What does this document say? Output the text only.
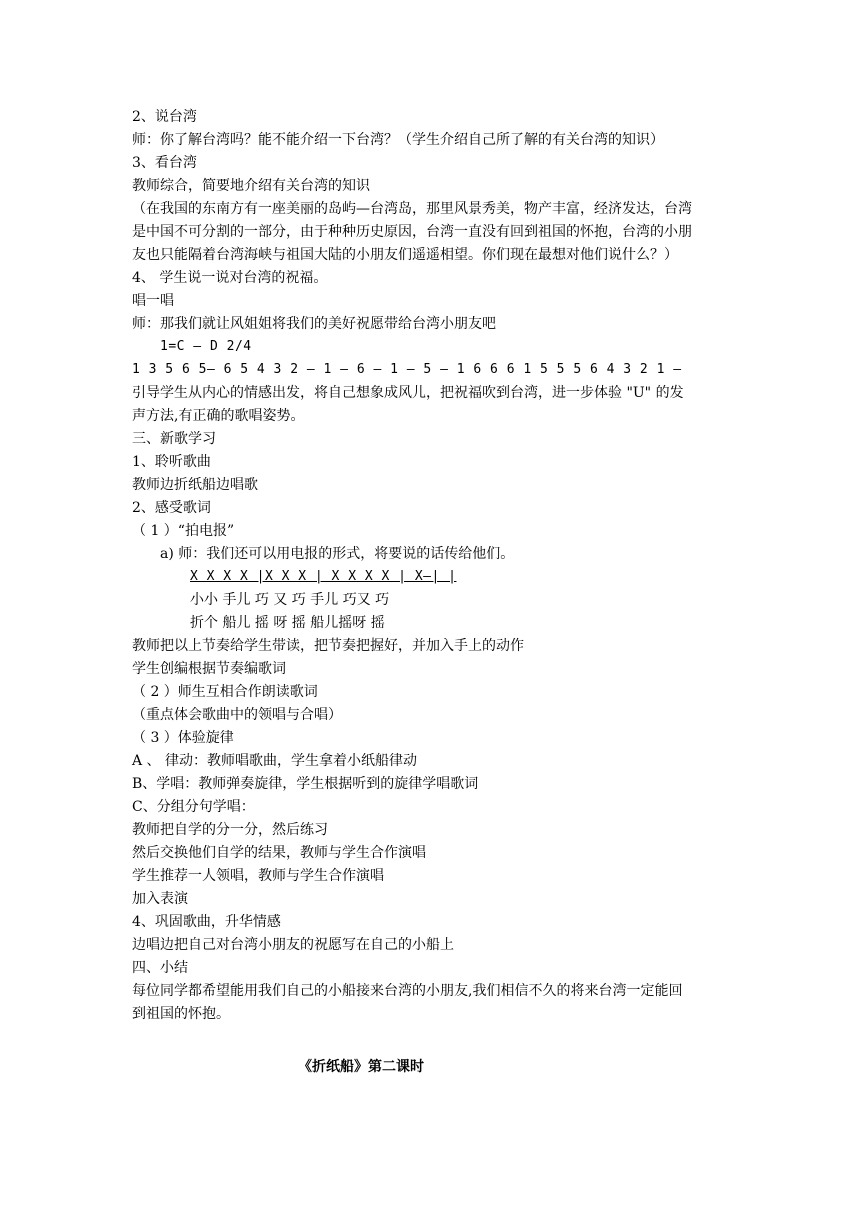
2、说台湾
师：你了解台湾吗？能不能介绍一下台湾？（学生介绍自己所了解的有关台湾的知识）
3、看台湾
教师综合，简要地介绍有关台湾的知识
（在我国的东南方有一座美丽的岛屿—台湾岛，那里风景秀美，物产丰富，经济发达，台湾
是中国不可分割的一部分，由于种种历史原因，台湾一直没有回到祖国的怀抱，台湾的小朋
友也只能隔着台湾海峡与祖国大陆的小朋友们遥遥相望。你们现在最想对他们说什么？）
4、 学生说一说对台湾的祝福。
唱一唱
师：那我们就让风姐姐将我们的美好祝愿带给台湾小朋友吧
1=C — D 2/4
1 3 5 6 5— 6 5 4 3 2 — 1 — 6 — 1 — 5 — 1 6 6 6 1 5 5 5 6 4 3 2 1 —
引导学生从内心的情感出发，将自己想象成风儿，把祝福吹到台湾，进一步体验 "U" 的发
声方法,有正确的歌唱姿势。
三、新歌学习
1、聆听歌曲
教师边折纸船边唱歌
2、感受歌词
（ 1 ）“拍电报”
a) 师：我们还可以用电报的形式，将要说的话传给他们。
X X X X |X X X | X X X X | X—| |
小小 手儿 巧 又 巧 手儿 巧又 巧
折个 船儿 摇 呀 摇 船儿摇呀 摇
教师把以上节奏给学生带读，把节奏把握好，并加入手上的动作
学生创编根据节奏编歌词
（ 2 ）师生互相合作朗读歌词
（重点体会歌曲中的领唱与合唱）
（ 3 ）体验旋律
A 、 律动：教师唱歌曲，学生拿着小纸船律动
B、学唱：教师弹奏旋律，学生根据听到的旋律学唱歌词
C、分组分句学唱：
教师把自学的分一分，然后练习
然后交换他们自学的结果，教师与学生合作演唱
学生推荐一人领唱，教师与学生合作演唱
加入表演
4、巩固歌曲，升华情感
边唱边把自己对台湾小朋友的祝愿写在自己的小船上
四、小结
每位同学都希望能用我们自己的小船接来台湾的小朋友,我们相信不久的将来台湾一定能回
到祖国的怀抱。
《折纸船》第二课时
